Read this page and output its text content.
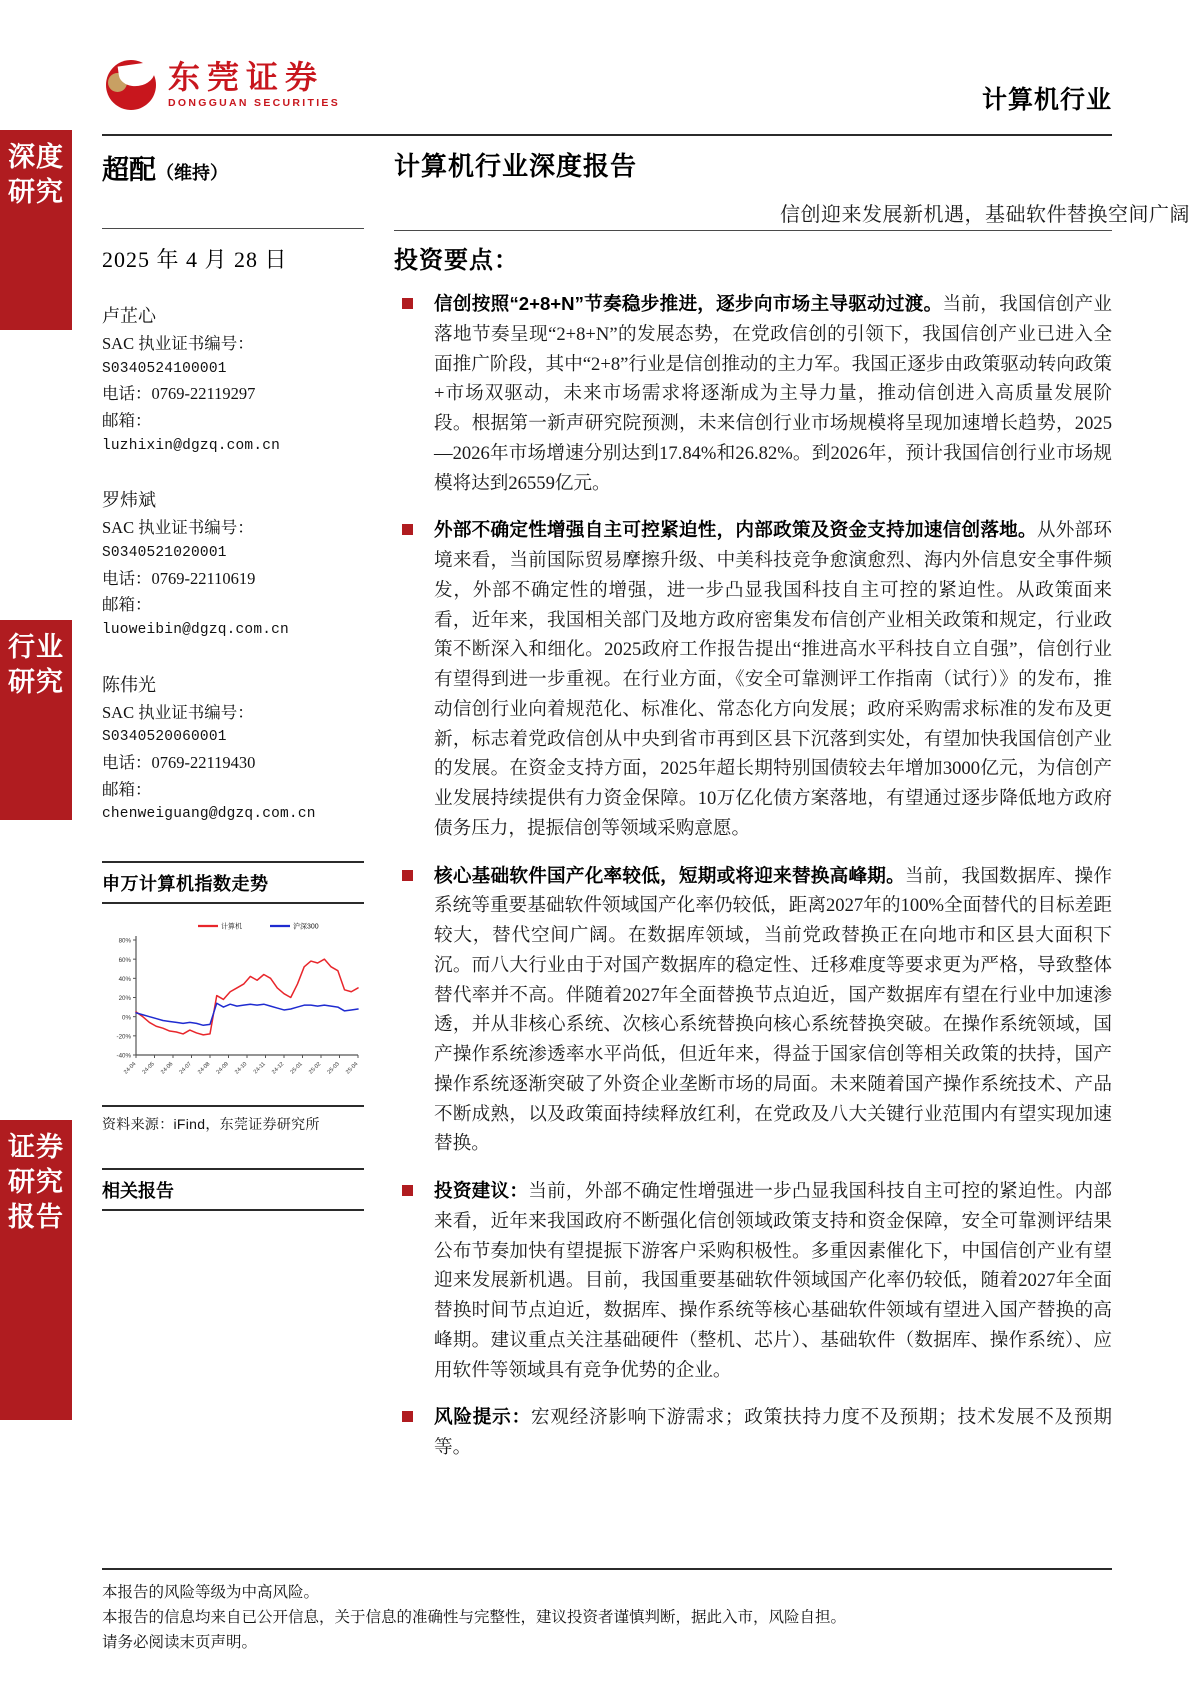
深度研究
行业研究
证券研究报告
东莞证券
DONGGUAN SECURITIES	计算机行业
超配（维持）	计算机行业深度报告
信创迎来发展新机遇，基础软件替换空间广阔
2025 年 4 月 28 日
卢芷心
SAC 执业证书编号：
S0340524100001
电话：0769-22119297
邮箱：
luzhixin@dgzq.com.cn
罗炜斌
SAC 执业证书编号：
S0340521020001
电话：0769-22110619
邮箱：
luoweibin@dgzq.com.cn
陈伟光
SAC 执业证书编号：
S0340520060001
电话：0769-22119430
邮箱：
chenweiguang@dgzq.com.cn
申万计算机指数走势
-40%
-20%
0%
20%
40%
60%
80%
24-04 24-05 24-06 24-07 24-08 24-09 24-10 24-11 24-12 25-01 25-02 25-03 25-04
计算机	沪深300
资料来源：iFind，东莞证券研究所
相关报告
投资要点：

信创按照“2+8+N”节奏稳步推进，逐步向市场主导驱动过渡。当前，我国信创产业落地节奏呈现“2+8+N”的发展态势，在党政信创的引领下，我国信创产业已进入全面推广阶段，其中“2+8”行业是信创推动的主力军。我国正逐步由政策驱动转向政策+市场双驱动，未来市场需求将逐渐成为主导力量，推动信创进入高质量发展阶段。根据第一新声研究院预测，未来信创行业市场规模将呈现加速增长趋势，2025—2026年市场增速分别达到17.84%和26.82%。到2026年，预计我国信创行业市场规模将达到26559亿元。

外部不确定性增强自主可控紧迫性，内部政策及资金支持加速信创落地。从外部环境来看，当前国际贸易摩擦升级、中美科技竞争愈演愈烈、海内外信息安全事件频发，外部不确定性的增强，进一步凸显我国科技自主可控的紧迫性。从政策面来看，近年来，我国相关部门及地方政府密集发布信创产业相关政策和规定，行业政策不断深入和细化。2025政府工作报告提出“推进高水平科技自立自强”，信创行业有望得到进一步重视。在行业方面，《安全可靠测评工作指南（试行）》的发布，推动信创行业向着规范化、标准化、常态化方向发展；政府采购需求标准的发布及更新，标志着党政信创从中央到省市再到区县下沉落到实处，有望加快我国信创产业的发展。在资金支持方面，2025年超长期特别国债较去年增加3000亿元，为信创产业发展持续提供有力资金保障。10万亿化债方案落地，有望通过逐步降低地方政府债务压力，提振信创等领域采购意愿。

核心基础软件国产化率较低，短期或将迎来替换高峰期。当前，我国数据库、操作系统等重要基础软件领域国产化率仍较低，距离2027年的100%全面替代的目标差距较大，替代空间广阔。在数据库领域，当前党政替换正在向地市和区县大面积下沉。而八大行业由于对国产数据库的稳定性、迁移难度等要求更为严格，导致整体替代率并不高。伴随着2027年全面替换节点迫近，国产数据库有望在行业中加速渗透，并从非核心系统、次核心系统替换向核心系统替换突破。在操作系统领域，国产操作系统渗透率水平尚低，但近年来，得益于国家信创等相关政策的扶持，国产操作系统逐渐突破了外资企业垄断市场的局面。未来随着国产操作系统技术、产品不断成熟，以及政策面持续释放红利，在党政及八大关键行业范围内有望实现加速替换。

投资建议：当前，外部不确定性增强进一步凸显我国科技自主可控的紧迫性。内部来看，近年来我国政府不断强化信创领域政策支持和资金保障，安全可靠测评结果公布节奏加快有望提振下游客户采购积极性。多重因素催化下，中国信创产业有望迎来发展新机遇。目前，我国重要基础软件领域国产化率仍较低，随着2027年全面替换时间节点迫近，数据库、操作系统等核心基础软件领域有望进入国产替换的高峰期。建议重点关注基础硬件（整机、芯片）、基础软件（数据库、操作系统）、应用软件等领域具有竞争优势的企业。

风险提示：宏观经济影响下游需求；政策扶持力度不及预期；技术发展不及预期等。

本报告的风险等级为中高风险。
本报告的信息均来自已公开信息，关于信息的准确性与完整性，建议投资者谨慎判断，据此入市，风险自担。
请务必阅读末页声明。
